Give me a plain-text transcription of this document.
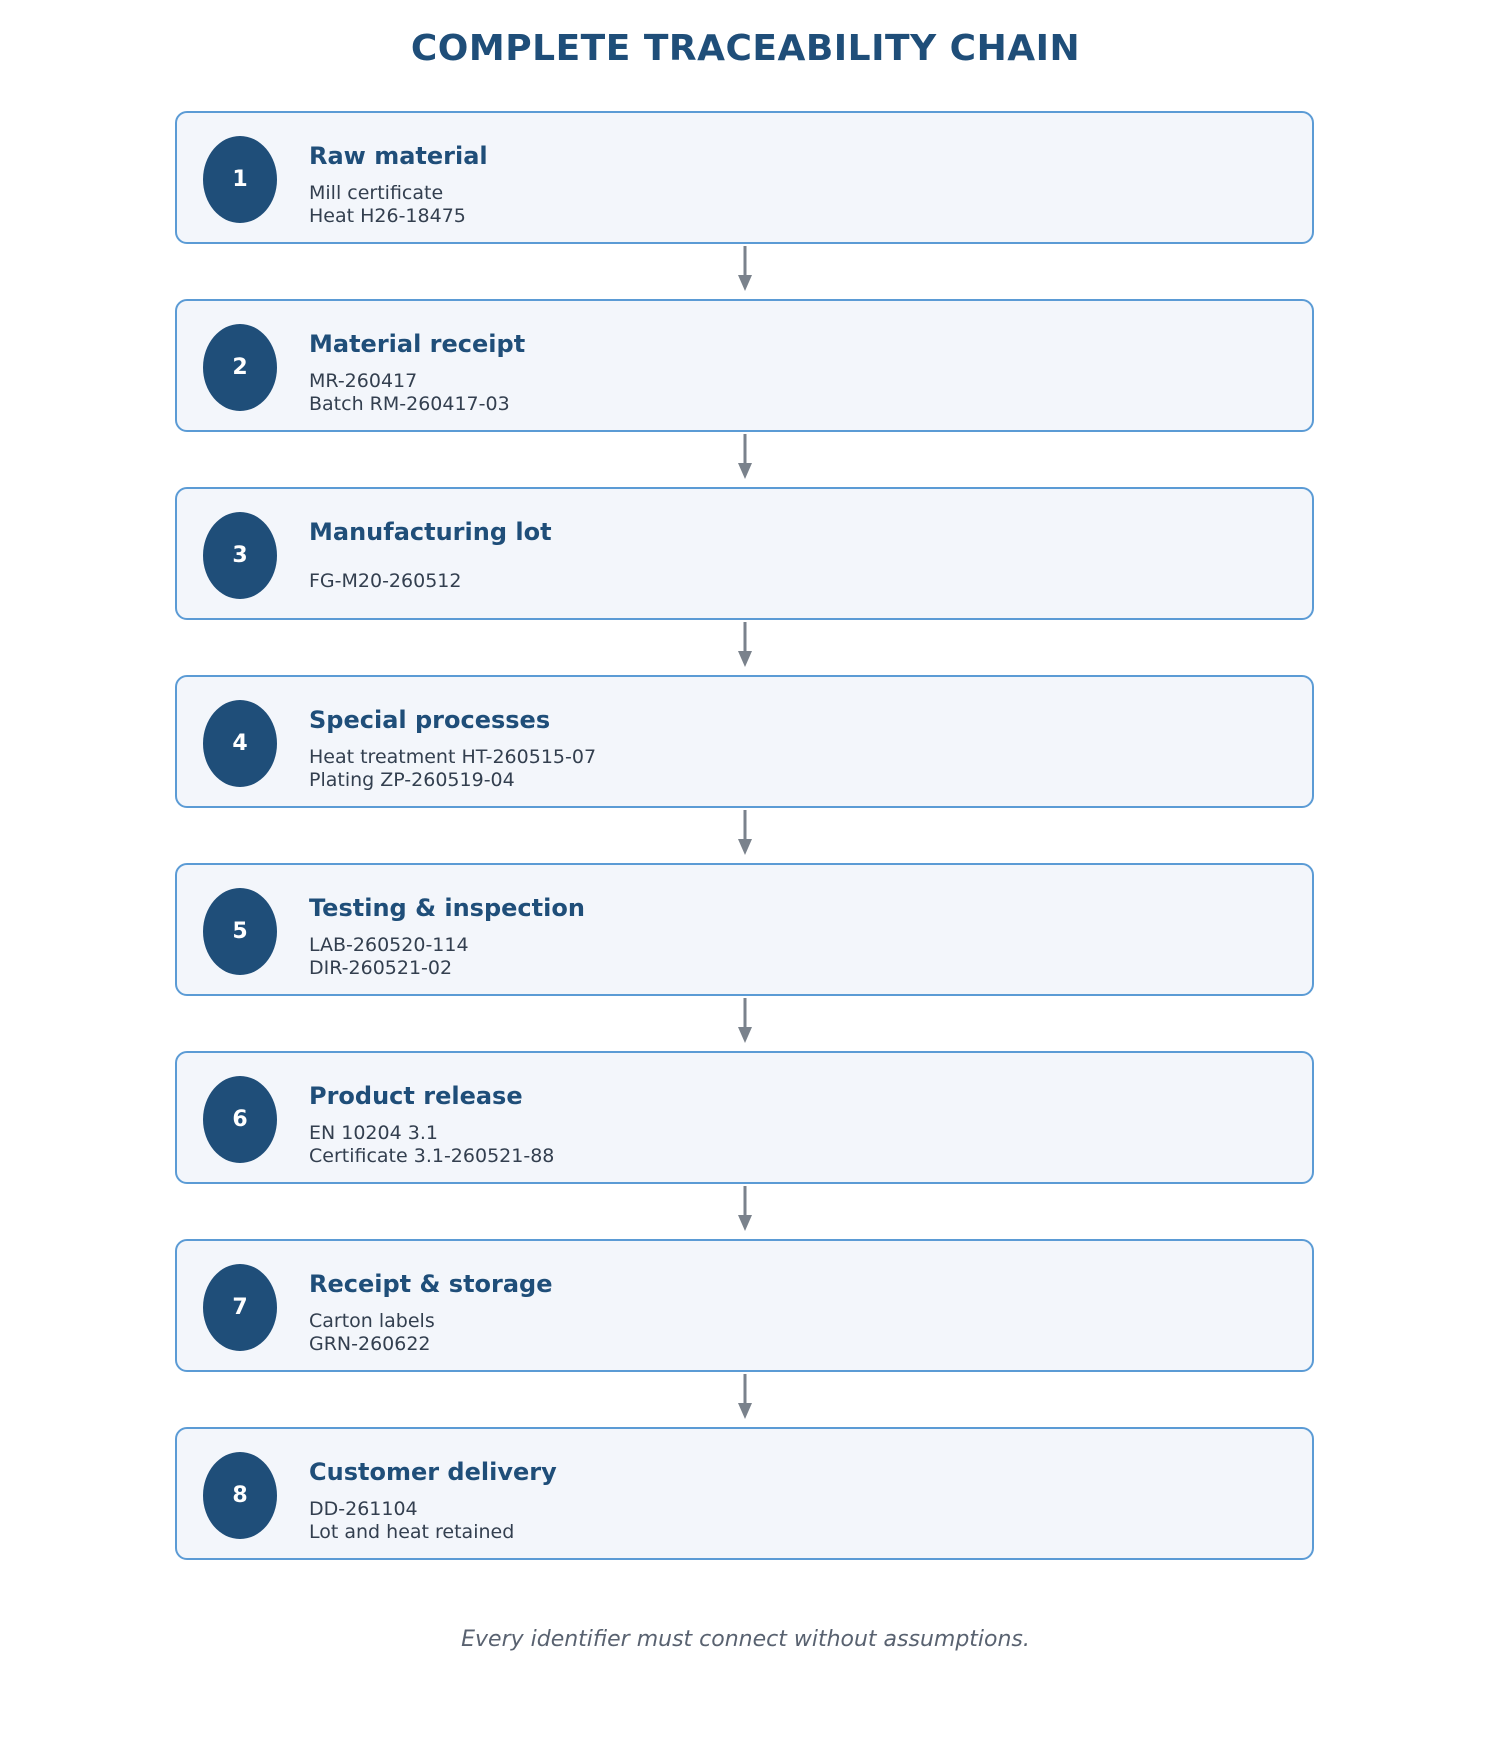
COMPLETE TRACEABILITY CHAIN
1
Raw material
Mill certificate
Heat H26-18475
2
Material receipt
MR-260417
Batch RM-260417-03
3
Manufacturing lot
FG-M20-260512
4
Special processes
Heat treatment HT-260515-07
Plating ZP-260519-04
5
Testing & inspection
LAB-260520-114
DIR-260521-02
6
Product release
EN 10204 3.1
Certificate 3.1-260521-88
7
Receipt & storage
Carton labels
GRN-260622
8
Customer delivery
DD-261104
Lot and heat retained

Every identifier must connect without assumptions.
